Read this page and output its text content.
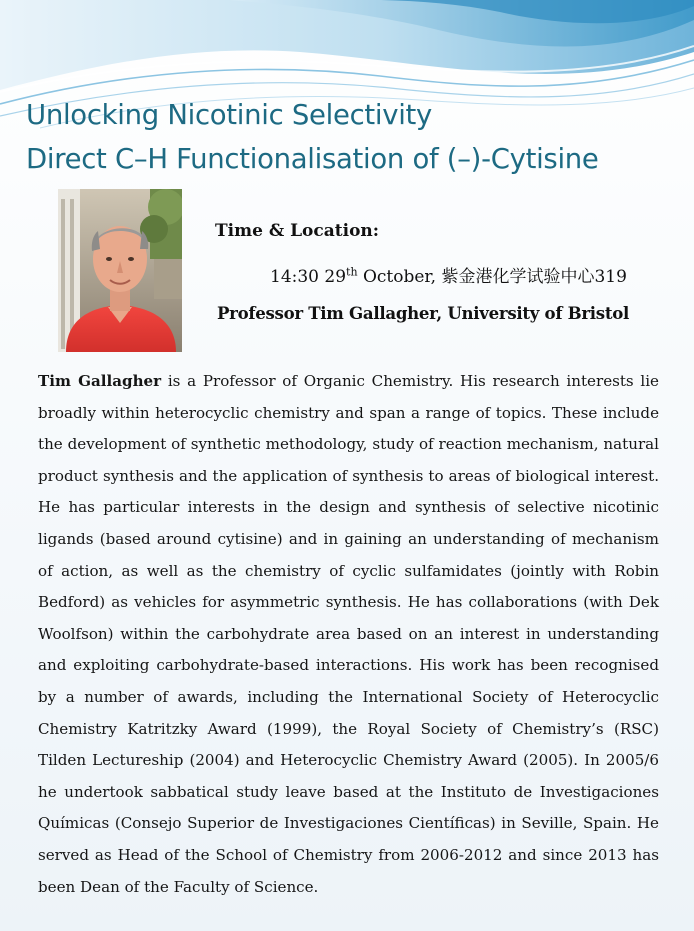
Unlocking Nicotinic Selectivity
Direct C–H Functionalisation of (–)-Cytisine
Time & Location:
14:30 29th October, 紫金港化学试验中心319
Professor Tim Gallagher, University of Bristol

Tim Gallagher is a Professor of Organic Chemistry. His research interests lie broadly within heterocyclic chemistry and span a range of topics. These include the development of synthetic methodology, study of reaction mechanism, natural product synthesis and the application of synthesis to areas of biological interest. He has particular interests in the design and synthesis of selective nicotinic ligands (based around cytisine) and in gaining an understanding of mechanism of action, as well as the chemistry of cyclic sulfamidates (jointly with Robin Bedford) as vehicles for asymmetric synthesis. He has collaborations (with Dek Woolfson) within the carbohydrate area based on an interest in understanding and exploiting carbohydrate-based interactions. His work has been recognised by a number of awards, including the International Society of Heterocyclic Chemistry Katritzky Award (1999), the Royal Society of Chemistry’s (RSC) Tilden Lectureship (2004) and Heterocyclic Chemistry Award (2005). In 2005/6 he undertook sabbatical study leave based at the Instituto de Investigaciones Químicas (Consejo Superior de Investigaciones Científicas) in Seville, Spain. He served as Head of the School of Chemistry from 2006-2012 and since 2013 has been Dean of the Faculty of Science.
